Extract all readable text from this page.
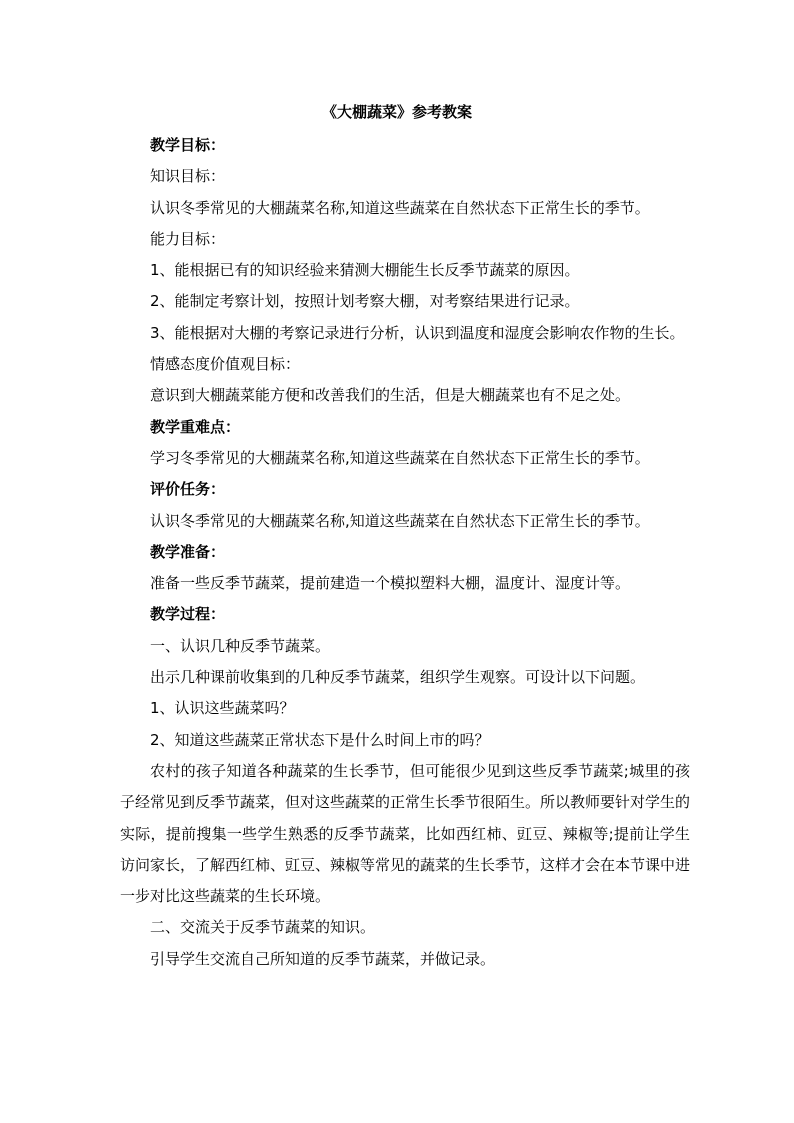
《大棚蔬菜》参考教案

教学目标：

知识目标：

认识冬季常见的大棚蔬菜名称,知道这些蔬菜在自然状态下正常生长的季节。

能力目标：

1、能根据已有的知识经验来猜测大棚能生长反季节蔬菜的原因。

2、能制定考察计划，按照计划考察大棚，对考察结果进行记录。

3、能根据对大棚的考察记录进行分析，认识到温度和湿度会影响农作物的生长。

情感态度价值观目标：

意识到大棚蔬菜能方便和改善我们的生活，但是大棚蔬菜也有不足之处。

教学重难点：

学习冬季常见的大棚蔬菜名称,知道这些蔬菜在自然状态下正常生长的季节。

评价任务：

认识冬季常见的大棚蔬菜名称,知道这些蔬菜在自然状态下正常生长的季节。

教学准备：

准备一些反季节蔬菜，提前建造一个模拟塑料大棚，温度计、湿度计等。

教学过程：

一、认识几种反季节蔬菜。

出示几种课前收集到的几种反季节蔬菜，组织学生观察。可设计以下问题。

1、认识这些蔬菜吗？

2、知道这些蔬菜正常状态下是什么时间上市的吗？

农村的孩子知道各种蔬菜的生长季节，但可能很少见到这些反季节蔬菜;城里的孩子经常见到反季节蔬菜，但对这些蔬菜的正常生长季节很陌生。所以教师要针对学生的实际，提前搜集一些学生熟悉的反季节蔬菜，比如西红柿、豇豆、辣椒等;提前让学生访问家长，了解西红柿、豇豆、辣椒等常见的蔬菜的生长季节，这样才会在本节课中进一步对比这些蔬菜的生长环境。

二、交流关于反季节蔬菜的知识。

引导学生交流自己所知道的反季节蔬菜，并做记录。
